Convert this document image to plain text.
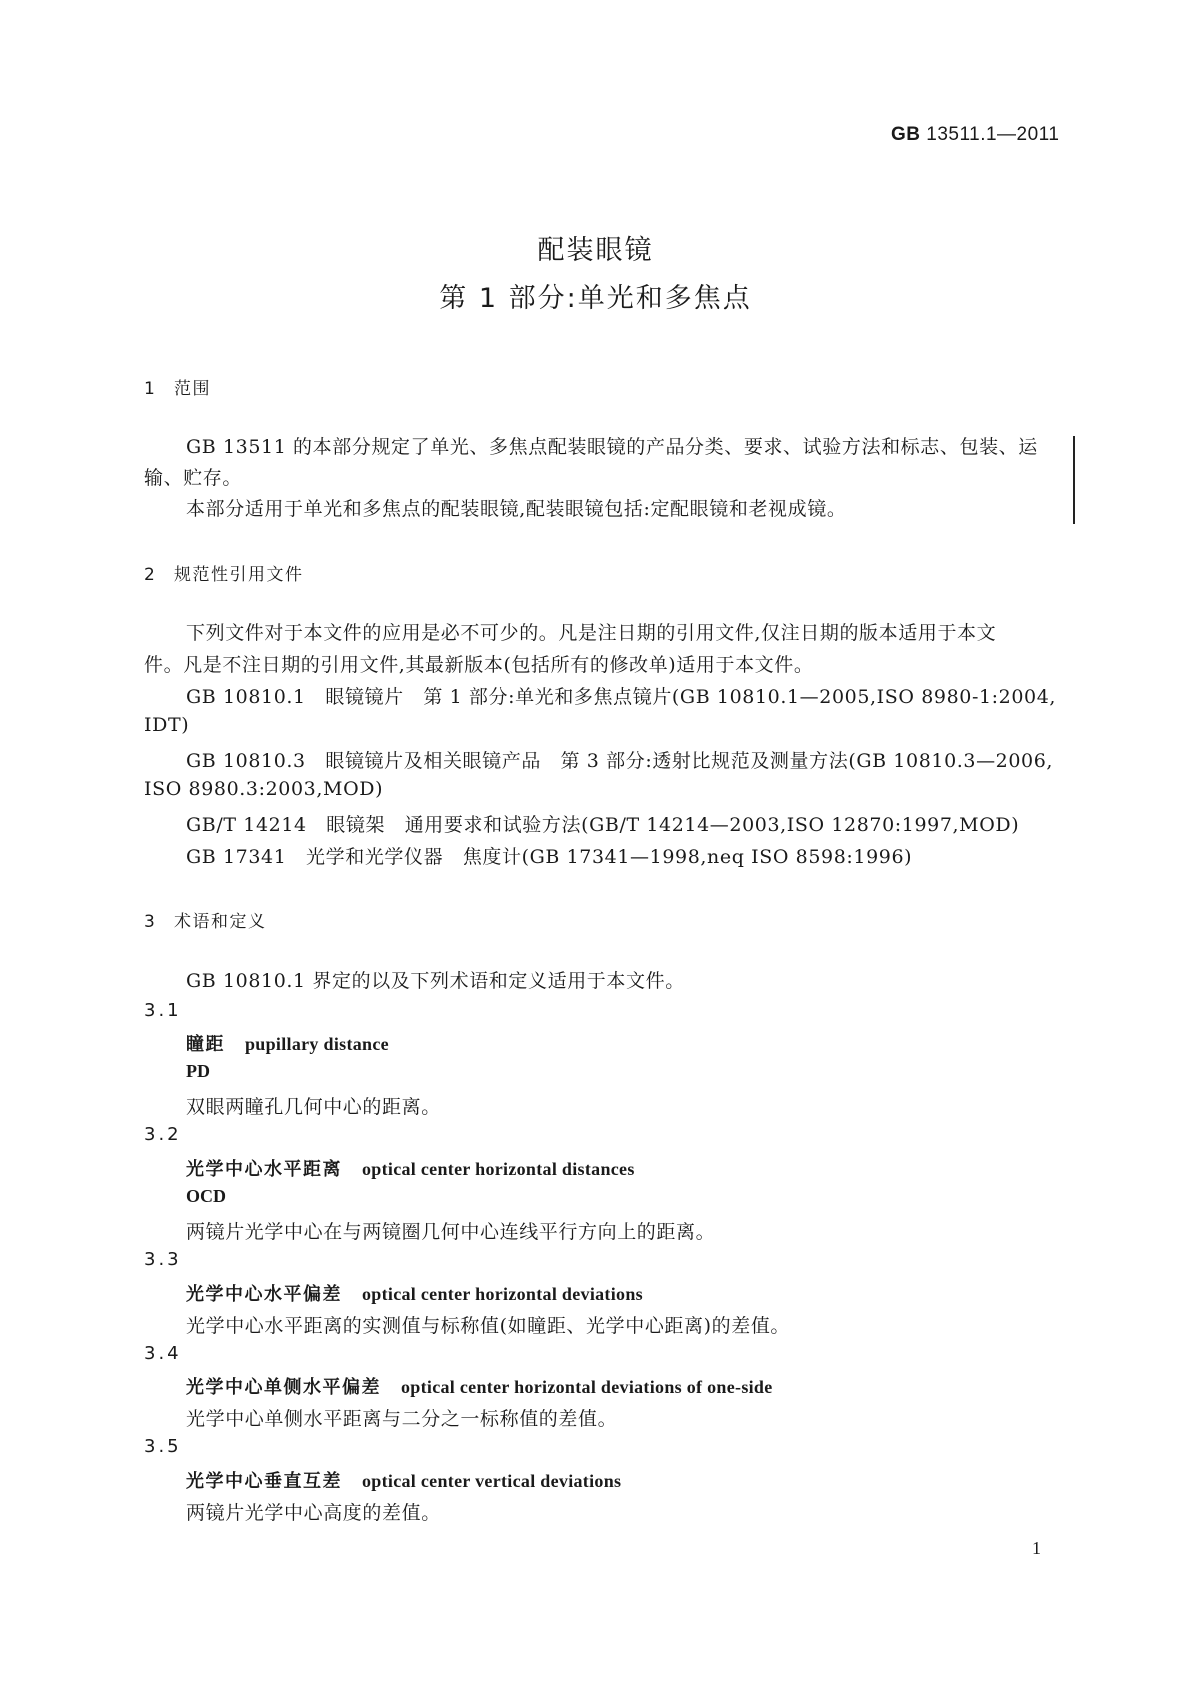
GB 13511.1—2011
配装眼镜
第 1 部分:单光和多焦点
1 范围
GB 13511 的本部分规定了单光、多焦点配装眼镜的产品分类、要求、试验方法和标志、包装、运输、贮存。
本部分适用于单光和多焦点的配装眼镜,配装眼镜包括:定配眼镜和老视成镜。
2 规范性引用文件
下列文件对于本文件的应用是必不可少的。凡是注日期的引用文件,仅注日期的版本适用于本文
件。凡是不注日期的引用文件,其最新版本(包括所有的修改单)适用于本文件。
GB 10810.1　眼镜镜片　第 1 部分:单光和多焦点镜片(GB 10810.1—2005,ISO 8980-1:2004,
IDT)
GB 10810.3　眼镜镜片及相关眼镜产品　第 3 部分:透射比规范及测量方法(GB 10810.3—2006,
ISO 8980.3:2003,MOD)
GB/T 14214　眼镜架　通用要求和试验方法(GB/T 14214—2003,ISO 12870:1997,MOD)
GB 17341　光学和光学仪器　焦度计(GB 17341—1998,neq ISO 8598:1996)
3 术语和定义
GB 10810.1 界定的以及下列术语和定义适用于本文件。
3.1
瞳距 pupillary distance
PD
双眼两瞳孔几何中心的距离。
3.2
光学中心水平距离 optical center horizontal distances
OCD
两镜片光学中心在与两镜圈几何中心连线平行方向上的距离。
3.3
光学中心水平偏差 optical center horizontal deviations
光学中心水平距离的实测值与标称值(如瞳距、光学中心距离)的差值。
3.4
光学中心单侧水平偏差 optical center horizontal deviations of one-side
光学中心单侧水平距离与二分之一标称值的差值。
3.5
光学中心垂直互差 optical center vertical deviations
两镜片光学中心高度的差值。
1
